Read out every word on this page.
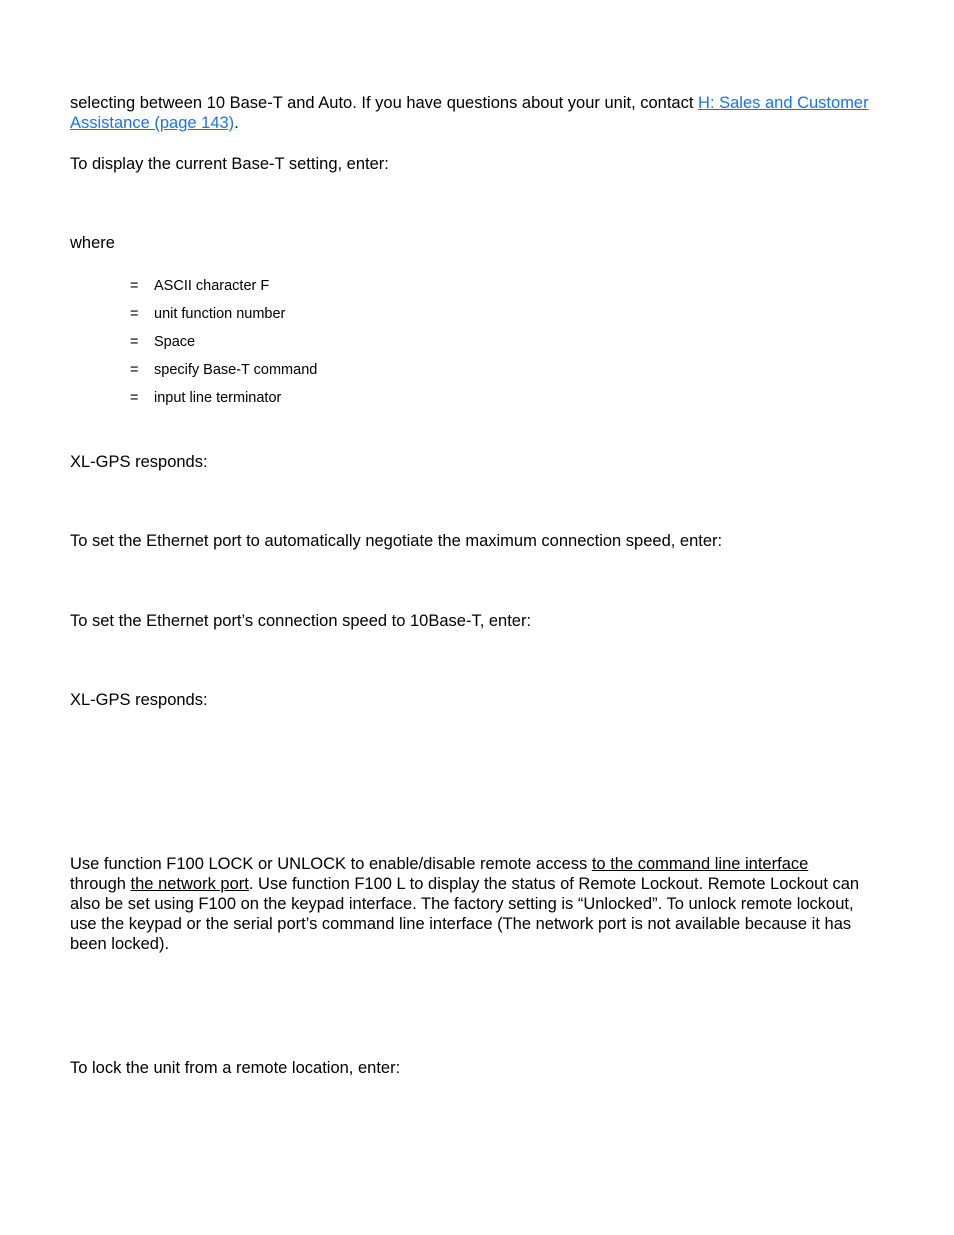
selecting between 10 Base-T and Auto. If you have questions about your unit, contact H: Sales and Customer Assistance (page 143).
To display the current Base-T setting, enter:
where
= ASCII character F
= unit function number
= Space
= specify Base-T command
= input line terminator
XL-GPS responds:
To set the Ethernet port to automatically negotiate the maximum connection speed, enter:
To set the Ethernet port’s connection speed to 10Base-T, enter:
XL-GPS responds:
Use function F100 LOCK or UNLOCK to enable/disable remote access to the command line interface through the network port. Use function F100 L to display the status of Remote Lockout. Remote Lockout can also be set using F100 on the keypad interface. The factory setting is “Unlocked”. To unlock remote lockout, use the keypad or the serial port’s command line interface (The network port is not available because it has been locked).
To lock the unit from a remote location, enter:
